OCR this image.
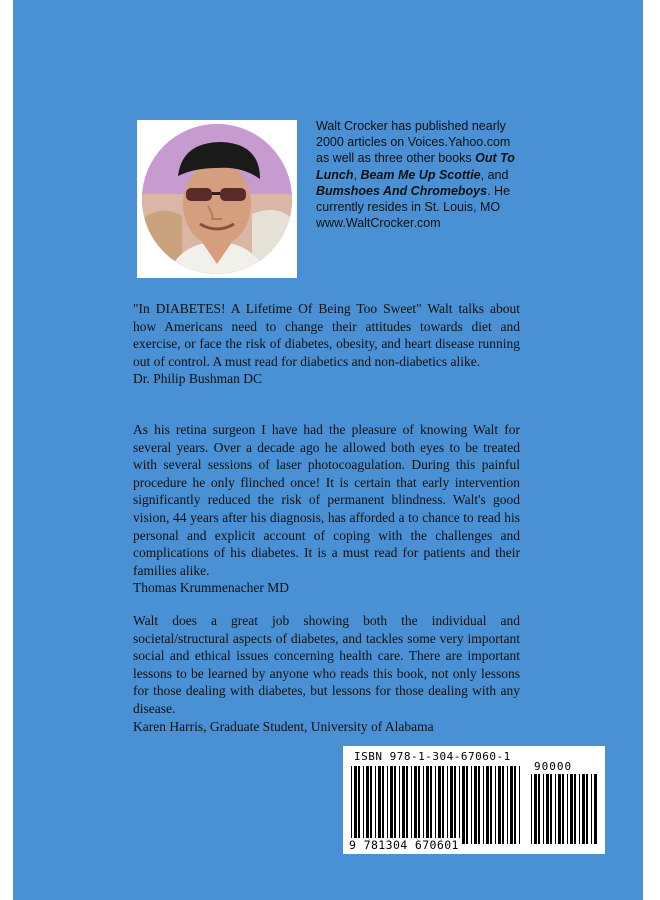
Walt Crocker has published nearly 2000 articles on Voices.Yahoo.com as well as three other books Out To Lunch, Beam Me Up Scottie, and Bumshoes And Chromeboys. He currently resides in St. Louis, MO www.WaltCrocker.com

"In DIABETES! A Lifetime Of Being Too Sweet" Walt talks about how Americans need to change their attitudes towards diet and exercise, or face the risk of diabetes, obesity, and heart disease running out of control. A must read for diabetics and non-diabetics alike.

Dr. Philip Bushman DC

As his retina surgeon I have had the pleasure of knowing Walt for several years. Over a decade ago he allowed both eyes to be treated with several sessions of laser photocoagulation. During this painful procedure he only flinched once! It is certain that early intervention significantly reduced the risk of permanent blindness. Walt's good vision, 44 years after his diagnosis, has afforded a to chance to read his personal and explicit account of coping with the challenges and complications of his diabetes. It is a must read for patients and their families alike.

Thomas Krummenacher MD

Walt does a great job showing both the individual and societal/structural aspects of diabetes, and tackles some very important social and ethical issues concerning health care. There are important lessons to be learned by anyone who reads this book, not only lessons for those dealing with diabetes, but lessons for those dealing with any disease.

Karen Harris, Graduate Student, University of Alabama

ISBN 978-1-304-67060-1
90000
9 781304 670601
